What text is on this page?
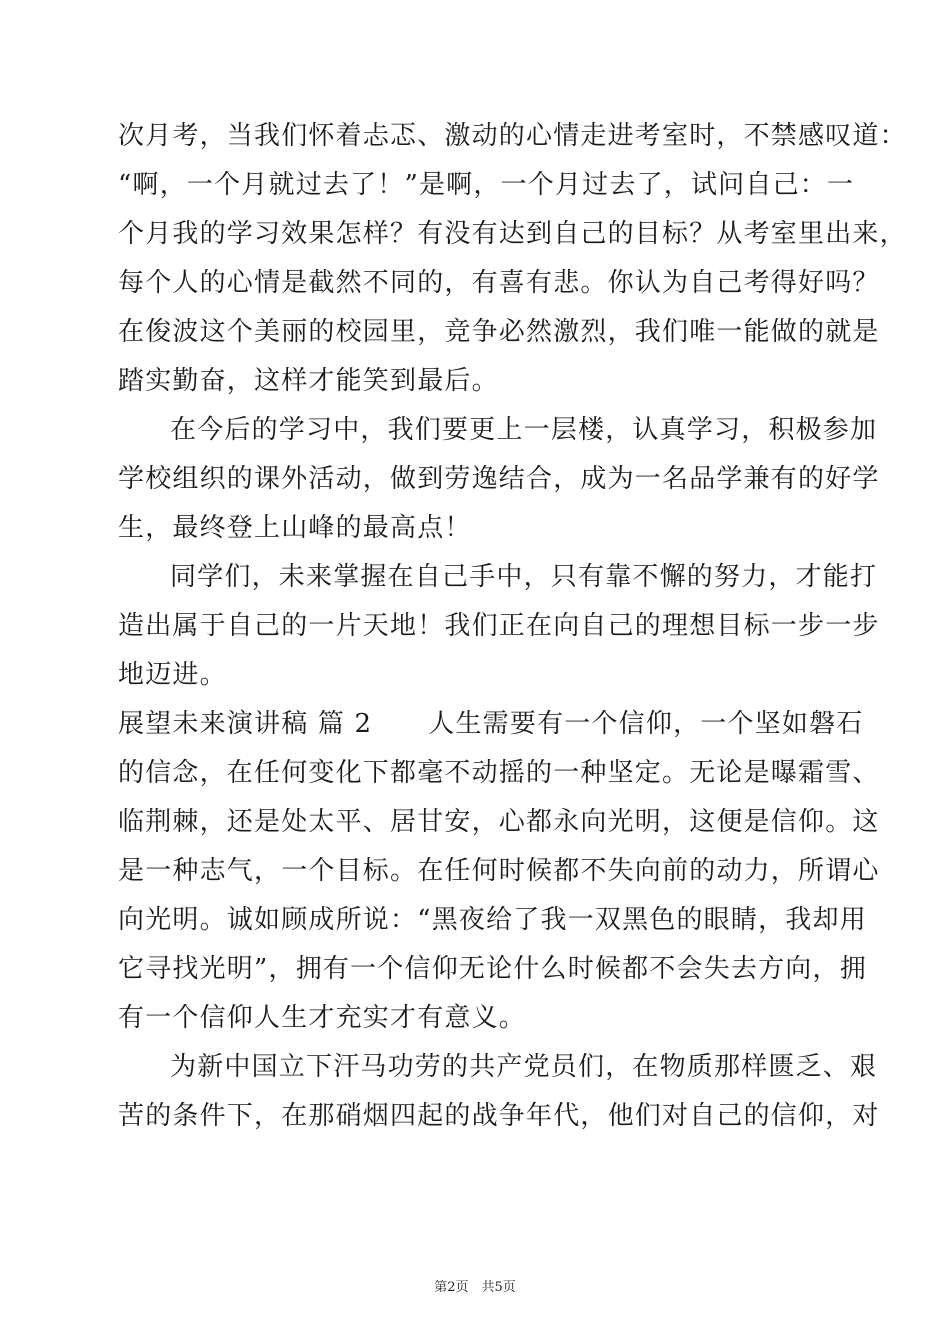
次月考，当我们怀着忐忑、激动的心情走进考室时，不禁感叹道：
“啊，一个月就过去了！”是啊，一个月过去了，试问自己：一
个月我的学习效果怎样？有没有达到自己的目标？从考室里出来，
每个人的心情是截然不同的，有喜有悲。你认为自己考得好吗？
在俊波这个美丽的校园里，竞争必然激烈，我们唯一能做的就是
踏实勤奋，这样才能笑到最后。
在今后的学习中，我们要更上一层楼，认真学习，积极参加
学校组织的课外活动，做到劳逸结合，成为一名品学兼有的好学
生，最终登上山峰的最高点！
同学们，未来掌握在自己手中，只有靠不懈的努力，才能打
造出属于自己的一片天地！我们正在向自己的理想目标一步一步
地迈进。
展望未来演讲稿 篇 2 人生需要有一个信仰，一个坚如磐石
的信念，在任何变化下都毫不动摇的一种坚定。无论是曝霜雪、
临荆棘，还是处太平、居甘安，心都永向光明，这便是信仰。这
是一种志气，一个目标。在任何时候都不失向前的动力，所谓心
向光明。诚如顾成所说：“黑夜给了我一双黑色的眼睛，我却用
它寻找光明”，拥有一个信仰无论什么时候都不会失去方向，拥
有一个信仰人生才充实才有意义。
为新中国立下汗马功劳的共产党员们，在物质那样匮乏、艰
苦的条件下，在那硝烟四起的战争年代，他们对自己的信仰，对
第2页　共5页
